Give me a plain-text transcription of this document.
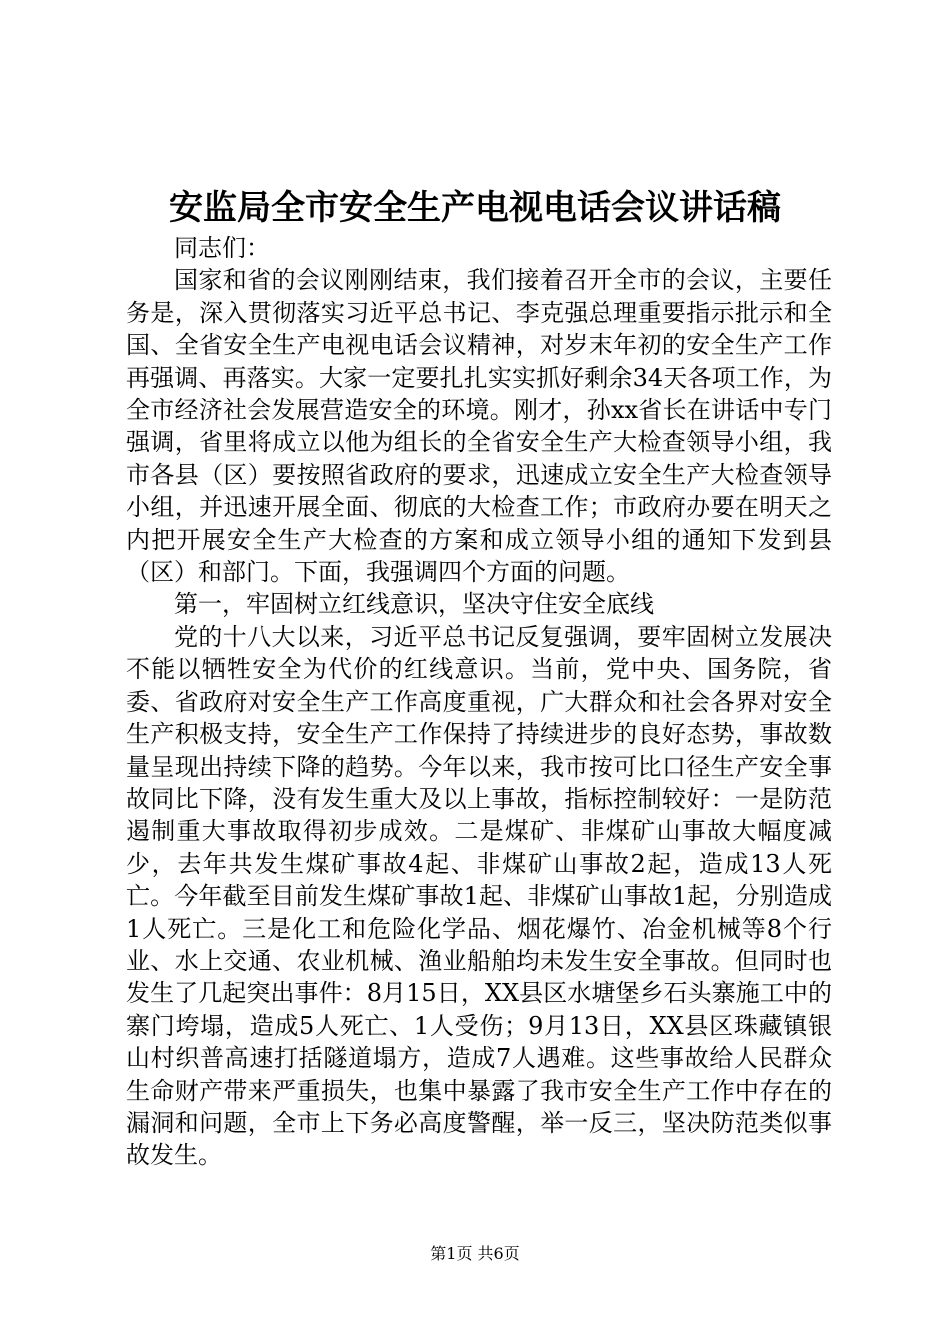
安监局全市安全生产电视电话会议讲话稿

同志们：

国家和省的会议刚刚结束，我们接着召开全市的会议，主要任务是，深入贯彻落实习近平总书记、李克强总理重要指示批示和全国、全省安全生产电视电话会议精神，对岁末年初的安全生产工作再强调、再落实。大家一定要扎扎实实抓好剩余34天各项工作，为全市经济社会发展营造安全的环境。刚才，孙xx省长在讲话中专门强调，省里将成立以他为组长的全省安全生产大检查领导小组，我市各县（区）要按照省政府的要求，迅速成立安全生产大检查领导小组，并迅速开展全面、彻底的大检查工作；市政府办要在明天之内把开展安全生产大检查的方案和成立领导小组的通知下发到县（区）和部门。下面，我强调四个方面的问题。

第一，牢固树立红线意识，坚决守住安全底线

党的十八大以来，习近平总书记反复强调，要牢固树立发展决不能以牺牲安全为代价的红线意识。当前，党中央、国务院，省委、省政府对安全生产工作高度重视，广大群众和社会各界对安全生产积极支持，安全生产工作保持了持续进步的良好态势，事故数量呈现出持续下降的趋势。今年以来，我市按可比口径生产安全事故同比下降，没有发生重大及以上事故，指标控制较好：一是防范遏制重大事故取得初步成效。二是煤矿、非煤矿山事故大幅度减少，去年共发生煤矿事故4起、非煤矿山事故2起，造成13人死亡。今年截至目前发生煤矿事故1起、非煤矿山事故1起，分别造成1人死亡。三是化工和危险化学品、烟花爆竹、冶金机械等8个行业、水上交通、农业机械、渔业船舶均未发生安全事故。但同时也发生了几起突出事件：8月15日，XX县区水塘堡乡石头寨施工中的寨门垮塌，造成5人死亡、1人受伤；9月13日，XX县区珠藏镇银山村织普高速打括隧道塌方，造成7人遇难。这些事故给人民群众生命财产带来严重损失，也集中暴露了我市安全生产工作中存在的漏洞和问题，全市上下务必高度警醒，举一反三，坚决防范类似事故发生。

第1页 共6页
